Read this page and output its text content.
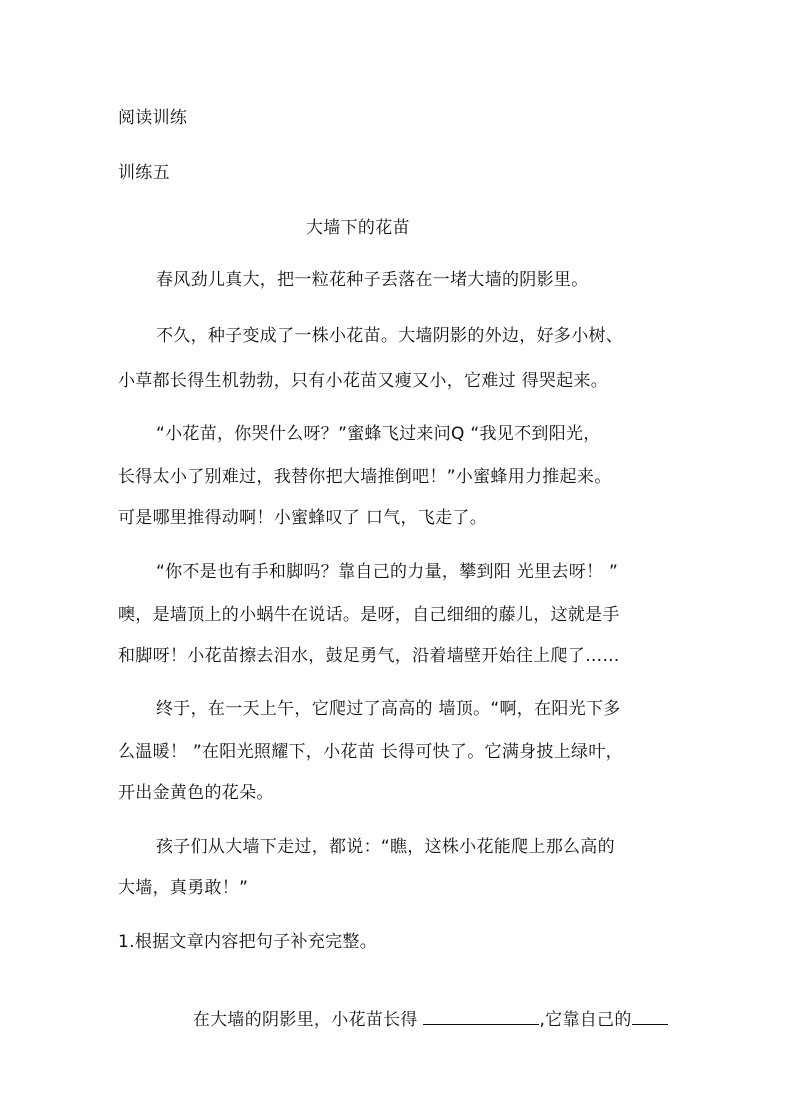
阅读训练
训练五
大墙下的花苗
春风劲儿真大，把一粒花种子丢落在一堵大墙的阴影里。
不久，种子变成了一株小花苗。大墙阴影的外边，好多小树、
小草都长得生机勃勃，只有小花苗又瘦又小，它难过 得哭起来。
“小花苗，你哭什么呀？”蜜蜂飞过来问Q “我见不到阳光，
长得太小了别难过，我替你把大墙推倒吧！”小蜜蜂用力推起来。
可是哪里推得动啊！小蜜蜂叹了 口气，飞走了。
“你不是也有手和脚吗？靠自己的力量，攀到阳 光里去呀！ ”
噢，是墙顶上的小蜗牛在说话。是呀，自己细细的藤儿，这就是手
和脚呀！小花苗擦去泪水，鼓足勇气，沿着墙壁开始往上爬了……
终于，在一天上午，它爬过了高高的 墙顶。“啊，在阳光下多
么温暖！ ”在阳光照耀下，小花苗 长得可快了。它满身披上绿叶，
开出金黄色的花朵。
孩子们从大墙下走过，都说：“瞧，这株小花能爬上那么高的
大墙，真勇敢！”
1.根据文章内容把句子补充完整。

在大墙的阴影里，小花苗长得	,它靠自己的
